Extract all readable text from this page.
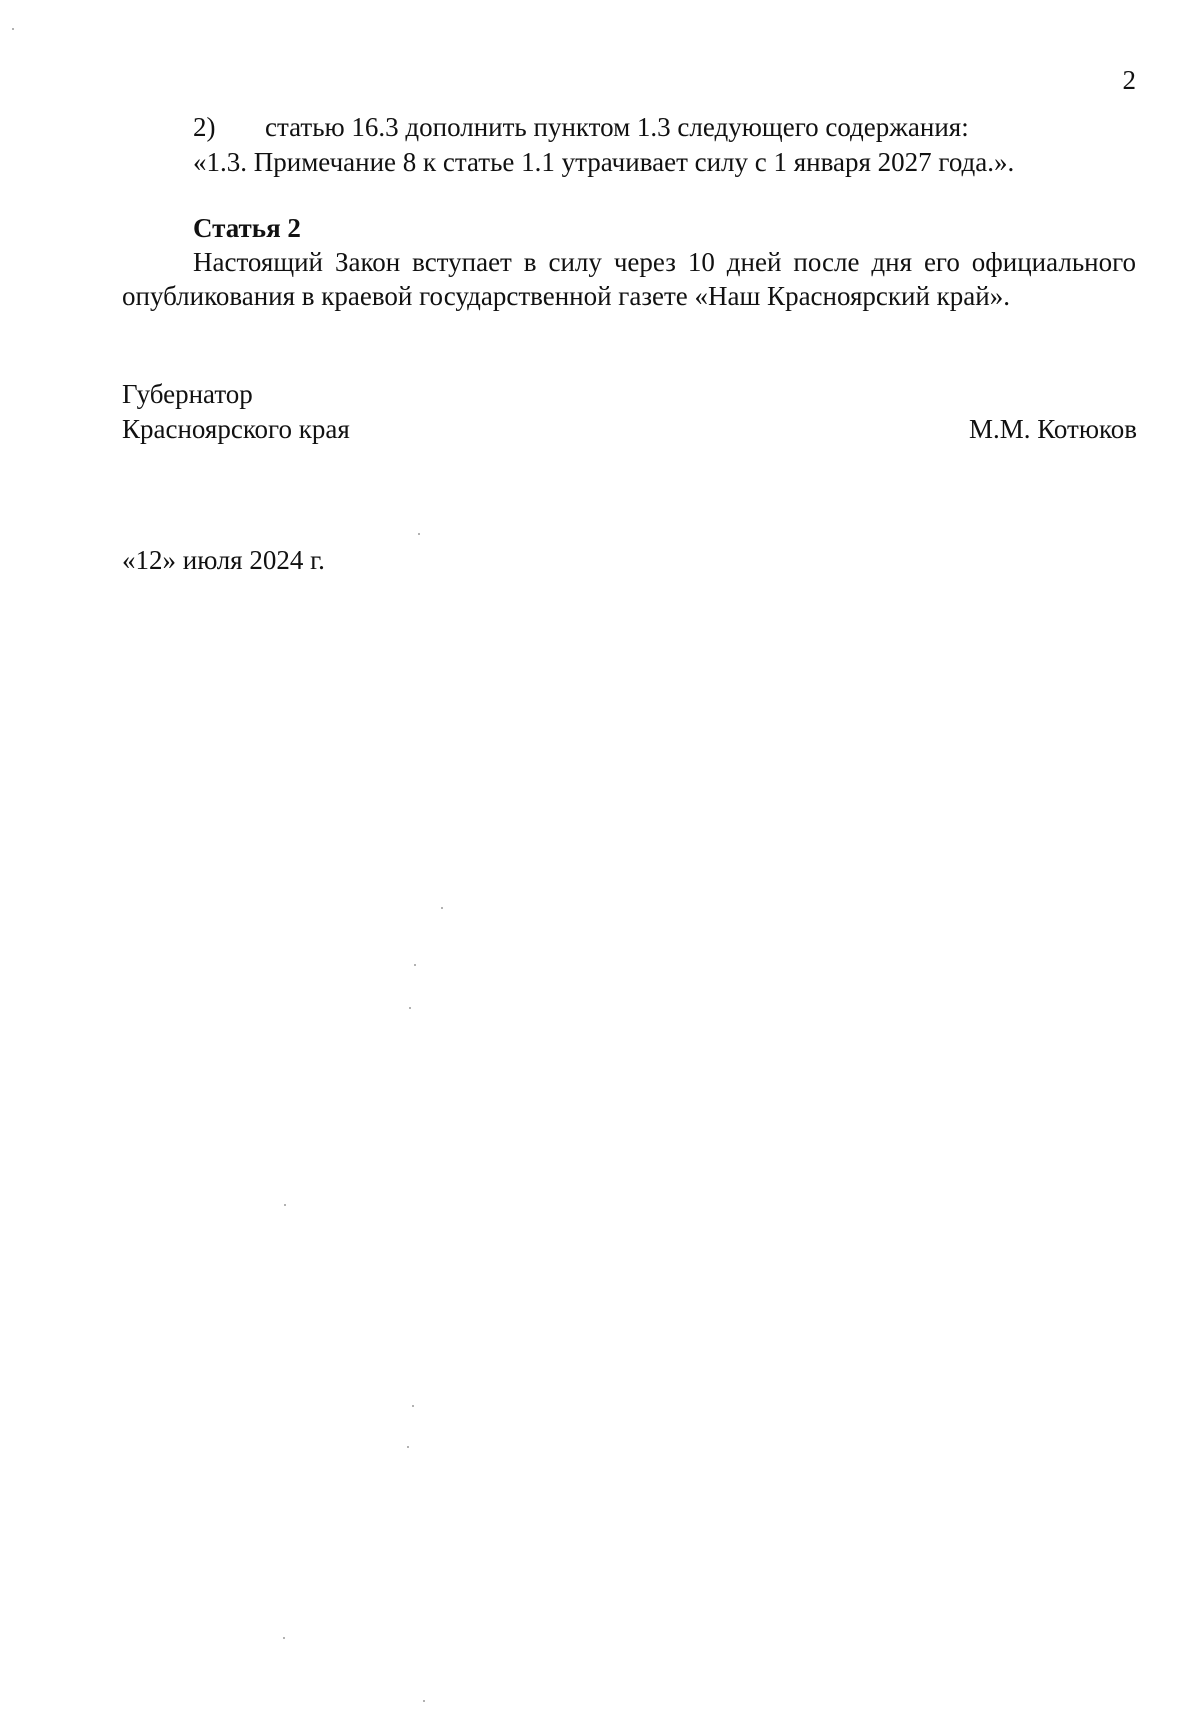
2
2) статью 16.3 дополнить пунктом 1.3 следующего содержания:
«1.3. Примечание 8 к статье 1.1 утрачивает силу с 1 января 2027 года.».
Статья 2
Настоящий Закон вступает в силу через 10 дней после дня его официального опубликования в краевой государственной газете «Наш Красноярский край».
Губернатор
Красноярского края	М.М. Котюков
«12» июля 2024 г.
